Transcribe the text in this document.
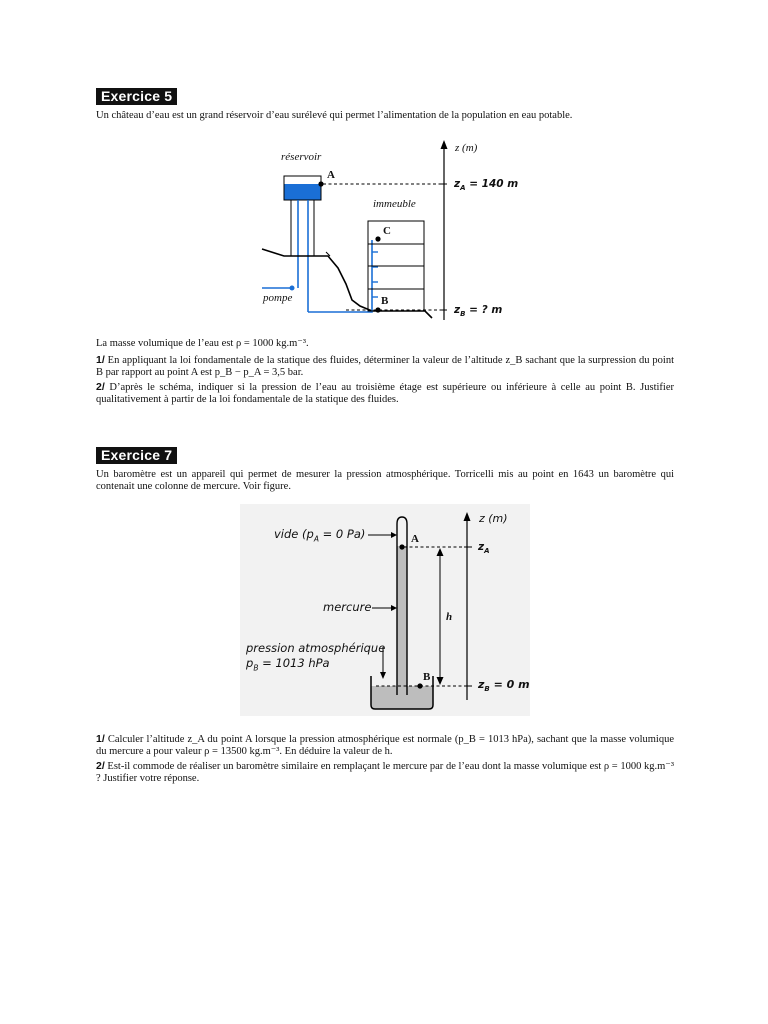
Exercice 5

Un château d’eau est un grand réservoir d’eau surélevé qui permet l’alimentation de la population en eau potable.

réservoir
A
immeuble
C
pompe	B
z (m)
$z_A = 140$ m
$z_B$ = ? m

La masse volumique de l’eau est ρ = 1000 kg.m⁻³.

1/ En appliquant la loi fondamentale de la statique des fluides, déterminer la valeur de l’altitude z_B sachant que la surpression du point B par rapport au point A est p_B − p_A = 3,5 bar.

2/ D’après le schéma, indiquer si la pression de l’eau au troisième étage est supérieure ou inférieure à celle au point B. Justifier qualitativement à partir de la loi fondamentale de la statique des fluides.

Exercice 7

Un baromètre est un appareil qui permet de mesurer la pression atmosphérique. Torricelli mis au point en 1643 un baromètre qui contenait une colonne de mercure. Voir figure.

vide ($p_A = 0$ Pa)	A
mercure
h
pression atmosphérique
$p_B = 1013$ hPa
B
z (m)
$z_A$
$z_B = 0$ m

1/ Calculer l’altitude z_A du point A lorsque la pression atmosphérique est normale (p_B = 1013 hPa), sachant que la masse volumique du mercure a pour valeur ρ = 13500 kg.m⁻³. En déduire la valeur de h.

2/ Est-il commode de réaliser un baromètre similaire en remplaçant le mercure par de l’eau dont la masse volumique est ρ = 1000 kg.m⁻³ ? Justifier votre réponse.
